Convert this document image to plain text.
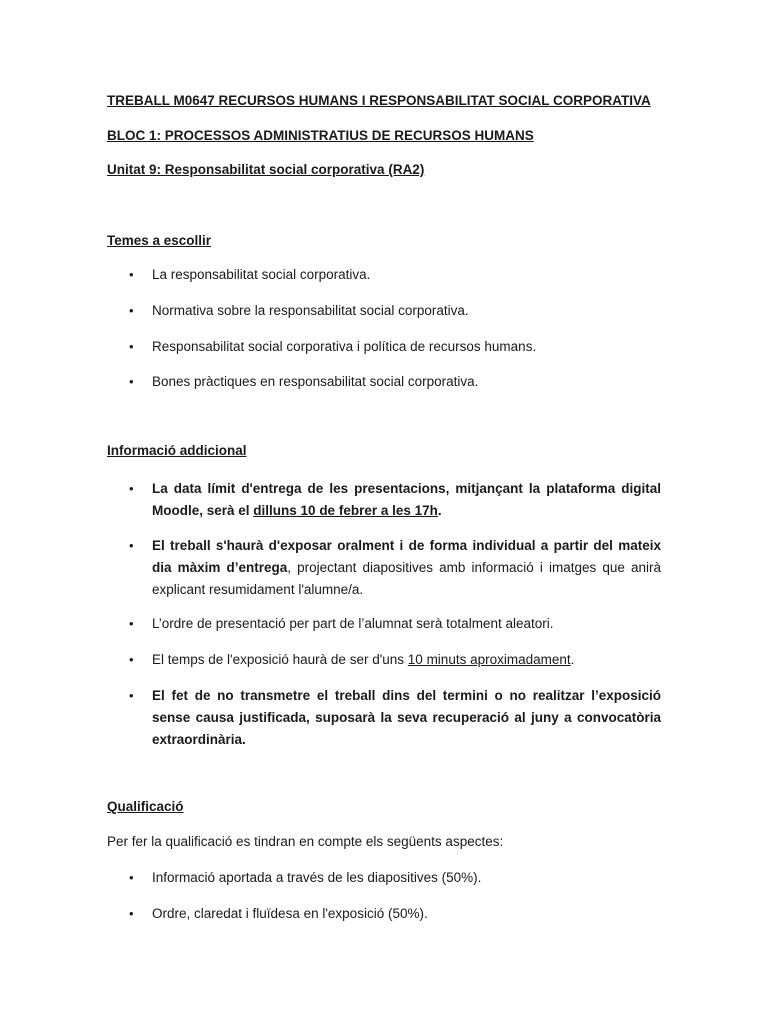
TREBALL M0647 RECURSOS HUMANS I RESPONSABILITAT SOCIAL CORPORATIVA
BLOC 1: PROCESSOS ADMINISTRATIUS DE RECURSOS HUMANS
Unitat 9: Responsabilitat social corporativa (RA2)
Temes a escollir
•	La responsabilitat social corporativa.
•	Normativa sobre la responsabilitat social corporativa.
•	Responsabilitat social corporativa i política de recursos humans.
•	Bones pràctiques en responsabilitat social corporativa.
Informació addicional
•	La data límit d'entrega de les presentacions, mitjançant la plataforma digital Moodle, serà el dilluns 10 de febrer a les 17h.
•	El treball s'haurà d'exposar oralment i de forma individual a partir del mateix dia màxim d’entrega, projectant diapositives amb informació i imatges que anirà explicant resumidament l'alumne/a.
•	L’ordre de presentació per part de l’alumnat serà totalment aleatori.
•	El temps de l'exposició haurà de ser d'uns 10 minuts aproximadament.
•	El fet de no transmetre el treball dins del termini o no realitzar l’exposició sense causa justificada, suposarà la seva recuperació al juny a convocatòria extraordinària.
Qualificació
Per fer la qualificació es tindran en compte els següents aspectes:
•	Informació aportada a través de les diapositives (50%).
•	Ordre, claredat i fluïdesa en l'exposició (50%).
